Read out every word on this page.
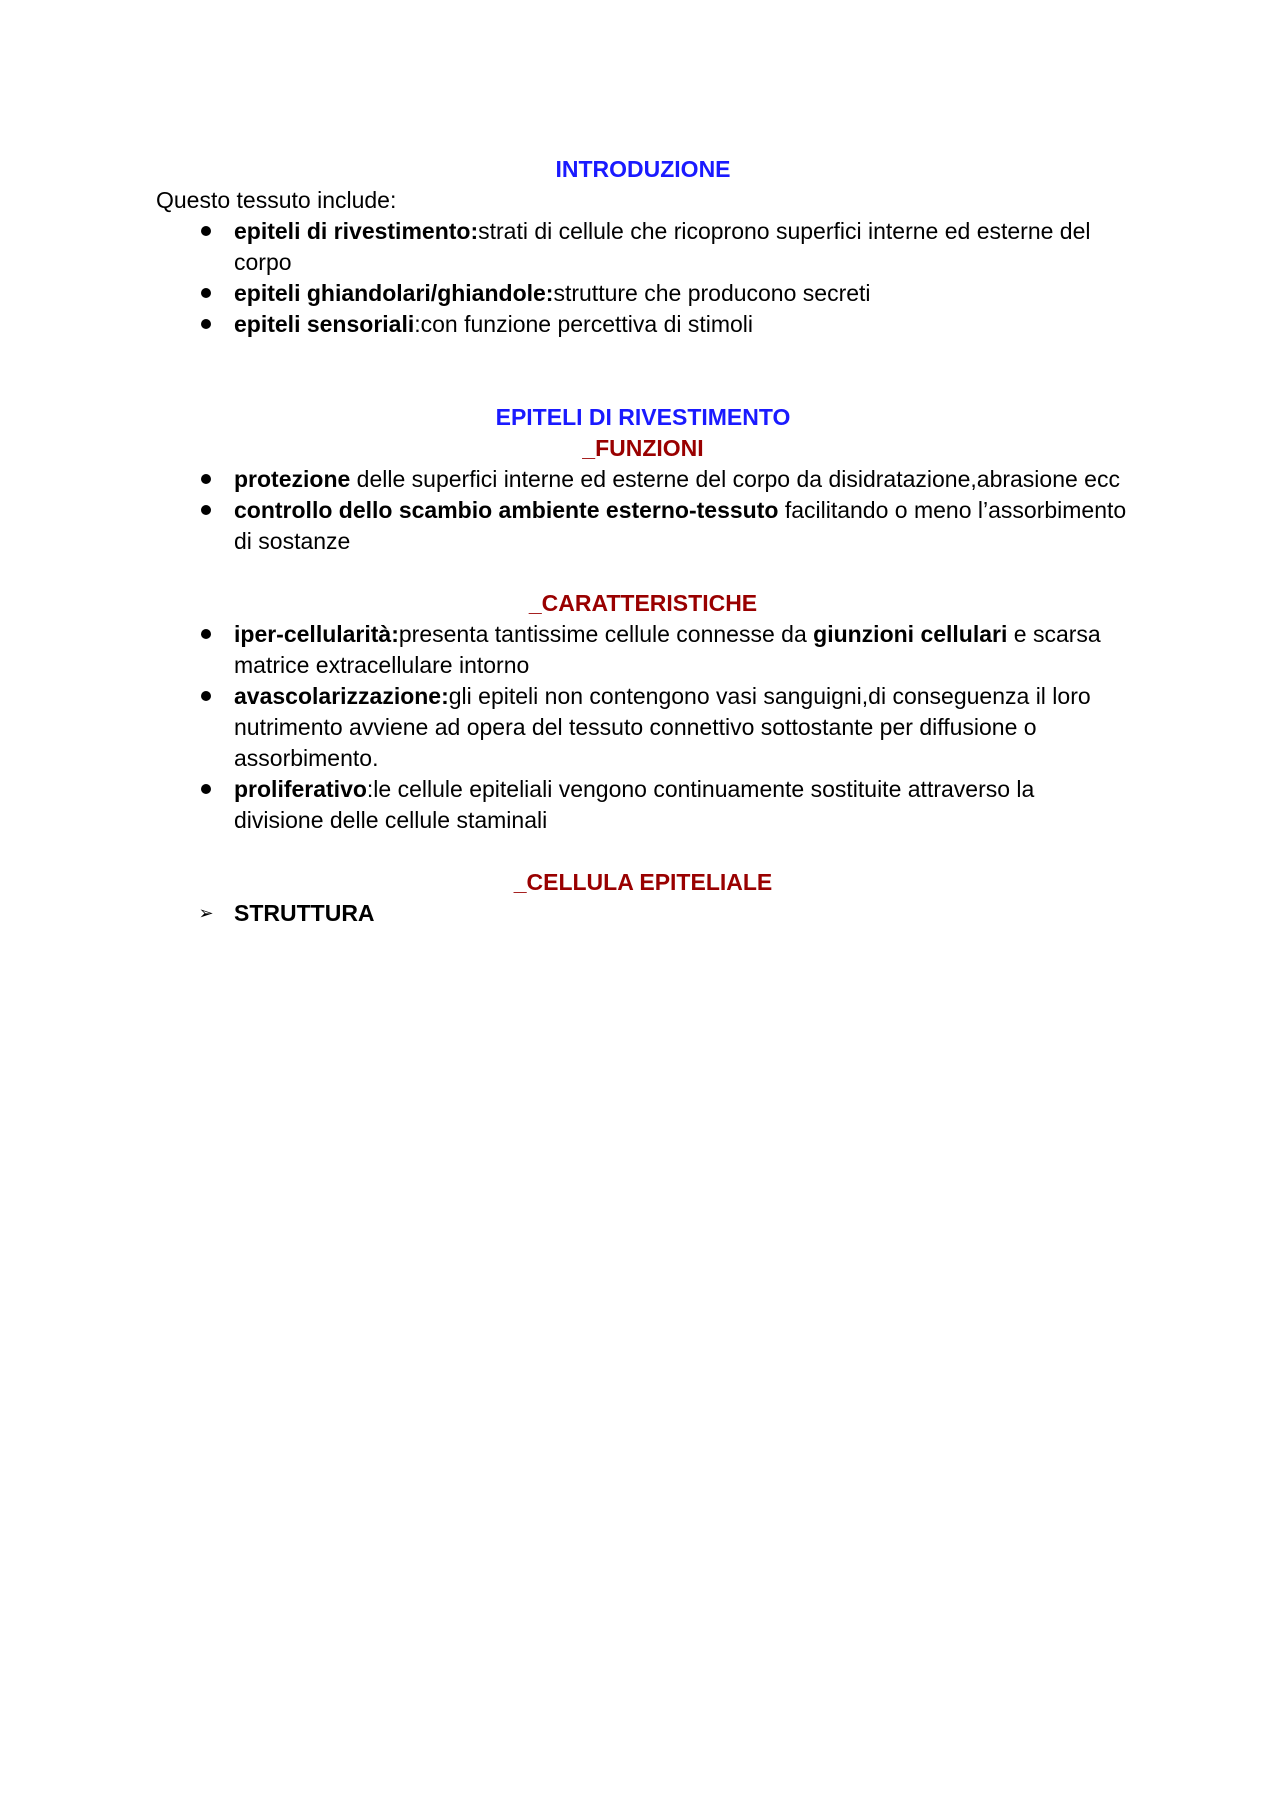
INTRODUZIONE

Questo tessuto include:

epiteli di rivestimento:strati di cellule che ricoprono superfici interne ed esterne del corpo
epiteli ghiandolari/ghiandole:strutture che producono secreti
epiteli sensoriali:con funzione percettiva di stimoli

EPITELI DI RIVESTIMENTO

_FUNZIONI

protezione delle superfici interne ed esterne del corpo da disidratazione,abrasione ecc
controllo dello scambio ambiente esterno-tessuto facilitando o meno l’assorbimento di sostanze

_CARATTERISTICHE

iper-cellularità:presenta tantissime cellule connesse da giunzioni cellulari e scarsa matrice extracellulare intorno
avascolarizzazione:gli epiteli non contengono vasi sanguigni,di conseguenza il loro nutrimento avviene ad opera del tessuto connettivo sottostante per diffusione o assorbimento.
proliferativo:le cellule epiteliali vengono continuamente sostituite attraverso la divisione delle cellule staminali

_CELLULA EPITELIALE

➢ STRUTTURA
